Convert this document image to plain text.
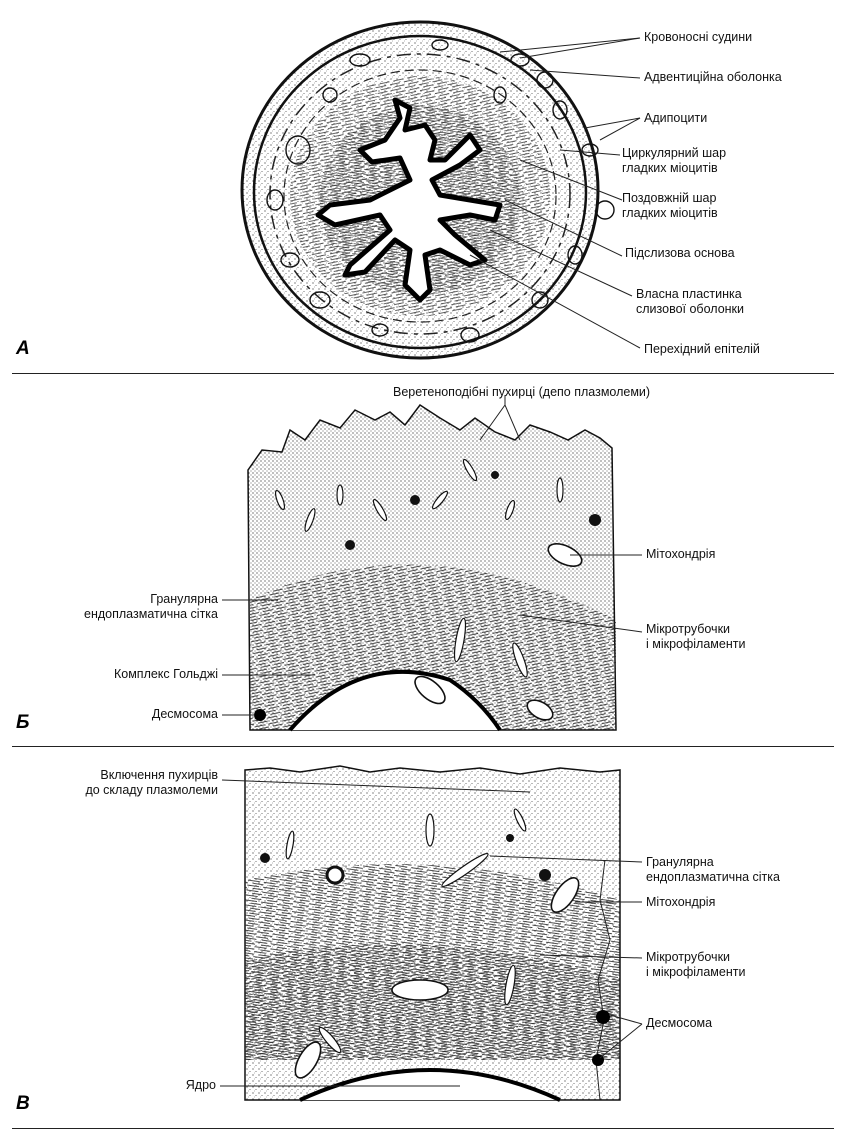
А
Кровоносні судини
Адвентиційна оболонка
Адипоцити
Циркулярний шар
гладких міоцитів
Поздовжній шар
гладких міоцитів
Підслизова основа
Власна пластинка
слизової оболонки
Перехідний епітелій
Б
Веретеноподібні пухирці (депо плазмолеми)
Мітохондрія
Гранулярна
ендоплазматична сітка
Мікротрубочки
і мікрофіламенти
Комплекс Гольджі
Десмосома
В
Включення пухирців
до складу плазмолеми
Гранулярна
ендоплазматична сітка
Мітохондрія
Мікротрубочки
і мікрофіламенти
Десмосома
Ядро
